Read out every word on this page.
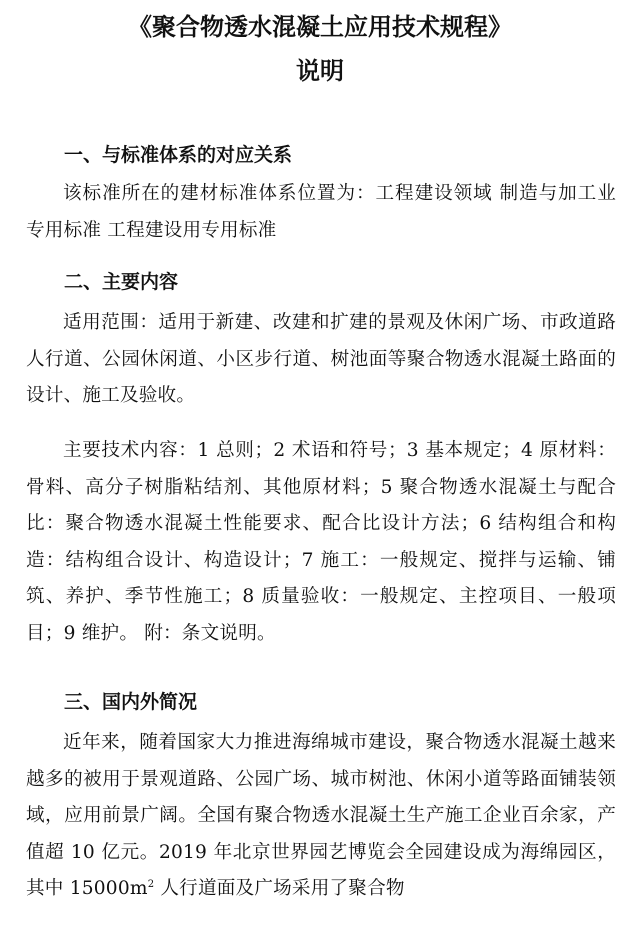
《聚合物透水混凝土应用技术规程》
说明
一、与标准体系的对应关系

该标准所在的建材标准体系位置为：工程建设领域 制造与加工业 专用标准 工程建设用专用标准

二、主要内容

适用范围：适用于新建、改建和扩建的景观及休闲广场、市政道路人行道、公园休闲道、小区步行道、树池面等聚合物透水混凝土路面的设计、施工及验收。

主要技术内容：1 总则；2 术语和符号；3 基本规定；4 原材料：骨料、高分子树脂粘结剂、其他原材料；5 聚合物透水混凝土与配合比：聚合物透水混凝土性能要求、配合比设计方法；6 结构组合和构造：结构组合设计、构造设计；7 施工：一般规定、搅拌与运输、铺筑、养护、季节性施工；8 质量验收：一般规定、主控项目、一般项目；9 维护。 附：条文说明。

三、国内外简况

近年来，随着国家大力推进海绵城市建设，聚合物透水混凝土越来越多的被用于景观道路、公园广场、城市树池、休闲小道等路面铺装领域，应用前景广阔。全国有聚合物透水混凝土生产施工企业百余家，产值超 10 亿元。2019 年北京世界园艺博览会全园建设成为海绵园区，其中 $15000m^2$ 人行道面及广场采用了聚合物
